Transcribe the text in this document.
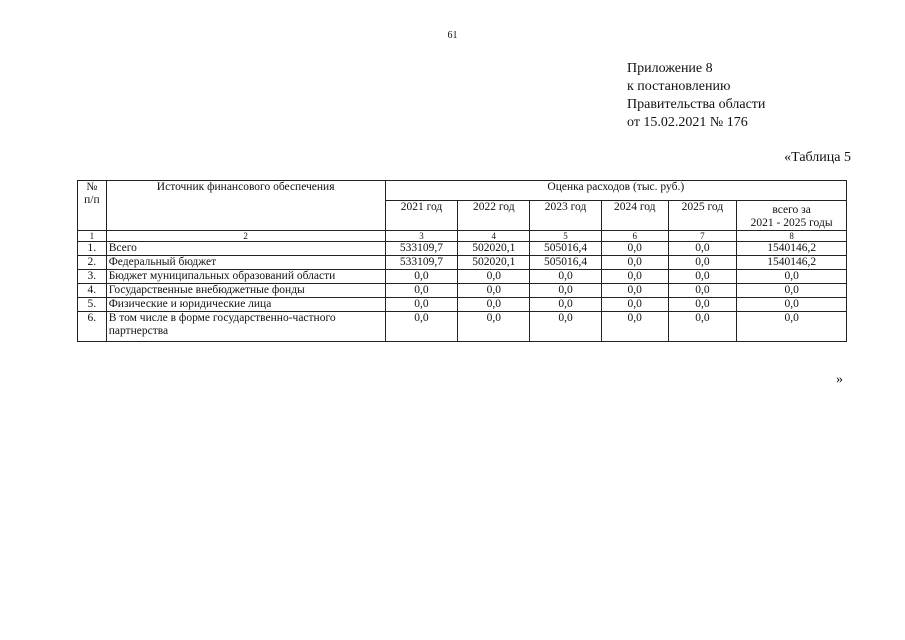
61
Приложение 8
к постановлению
Правительства области
от 15.02.2021 № 176
«Таблица 5
№
п/п	Источник финансового обеспечения	Оценка расходов (тыс. руб.)					
		2021 год	2022 год	2023 год	2024 год	2025 год	всего за
2021 - 2025 годы
1	2	3	4	5	6	7	8
1.	Всего	533109,7	502020,1	505016,4	0,0	0,0	1540146,2
2.	Федеральный бюджет	533109,7	502020,1	505016,4	0,0	0,0	1540146,2
3.	Бюджет муниципальных образований области	0,0	0,0	0,0	0,0	0,0	0,0
4.	Государственные внебюджетные фонды	0,0	0,0	0,0	0,0	0,0	0,0
5.	Физические и юридические лица	0,0	0,0	0,0	0,0	0,0	0,0
6.	В том числе в форме государственно-частного партнерства	0,0	0,0	0,0	0,0	0,0	0,0
»
